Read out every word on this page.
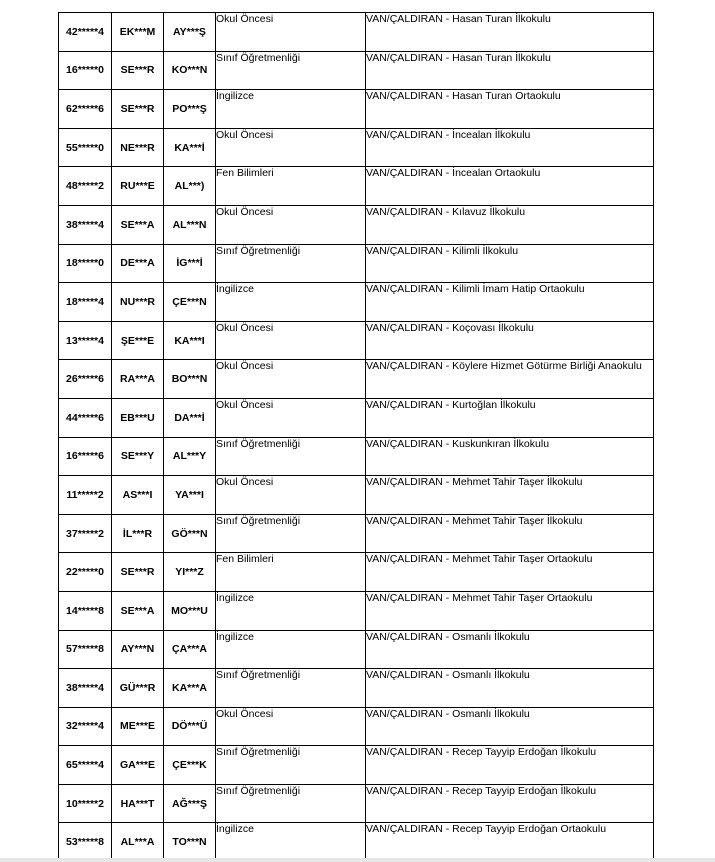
42*****4	EK***M	AY***Ş	Okul Öncesi	VAN/ÇALDIRAN - Hasan Turan İlkokulu
16*****0	SE***R	KO***N	Sınıf Öğretmenliği	VAN/ÇALDIRAN - Hasan Turan İlkokulu
62*****6	SE***R	PO***Ş	İngilizce	VAN/ÇALDIRAN - Hasan Turan Ortaokulu
55*****0	NE***R	KA***İ	Okul Öncesi	VAN/ÇALDIRAN - İncealan İlkokulu
48*****2	RU***E	AL***)	Fen Bilimleri	VAN/ÇALDIRAN - İncealan Ortaokulu
38*****4	SE***A	AL***N	Okul Öncesi	VAN/ÇALDIRAN - Kılavuz İlkokulu
18*****0	DE***A	İG***İ	Sınıf Öğretmenliği	VAN/ÇALDIRAN - Kilimli İlkokulu
18*****4	NU***R	ÇE***N	İngilizce	VAN/ÇALDIRAN - Kilimli İmam Hatip Ortaokulu
13*****4	ŞE***E	KA***I	Okul Öncesi	VAN/ÇALDIRAN - Koçovası İlkokulu
26*****6	RA***A	BO***N	Okul Öncesi	VAN/ÇALDIRAN - Köylere Hizmet Götürme Birliği Anaokulu
44*****6	EB***U	DA***İ	Okul Öncesi	VAN/ÇALDIRAN - Kurtoğlan İlkokulu
16*****6	SE***Y	AL***Y	Sınıf Öğretmenliği	VAN/ÇALDIRAN - Kuskunkıran İlkokulu
11*****2	AS***I	YA***I	Okul Öncesi	VAN/ÇALDIRAN - Mehmet Tahir Taşer İlkokulu
37*****2	İL***R	GÖ***N	Sınıf Öğretmenliği	VAN/ÇALDIRAN - Mehmet Tahir Taşer İlkokulu
22*****0	SE***R	YI***Z	Fen Bilimleri	VAN/ÇALDIRAN - Mehmet Tahir Taşer Ortaokulu
14*****8	SE***A	MO***U	İngilizce	VAN/ÇALDIRAN - Mehmet Tahir Taşer Ortaokulu
57*****8	AY***N	ÇA***A	İngilizce	VAN/ÇALDIRAN - Osmanlı İlkokulu
38*****4	GÜ***R	KA***A	Sınıf Öğretmenliği	VAN/ÇALDIRAN - Osmanlı İlkokulu
32*****4	ME***E	DÖ***Ü	Okul Öncesi	VAN/ÇALDIRAN - Osmanlı İlkokulu
65*****4	GA***E	ÇE***K	Sınıf Öğretmenliği	VAN/ÇALDIRAN - Recep Tayyip Erdoğan İlkokulu
10*****2	HA***T	AĞ***Ş	Sınıf Öğretmenliği	VAN/ÇALDIRAN - Recep Tayyip Erdoğan İlkokulu
53*****8	AL***A	TO***N	İngilizce	VAN/ÇALDIRAN - Recep Tayyip Erdoğan Ortaokulu
